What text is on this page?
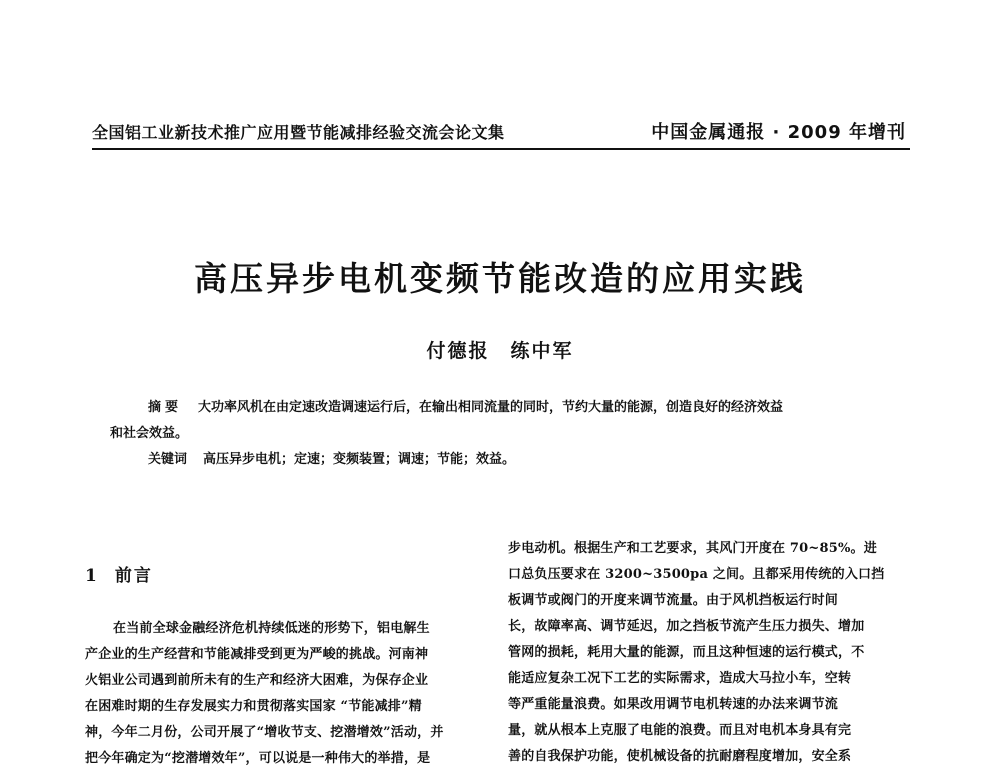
全国铝工业新技术推广应用暨节能减排经验交流会论文集	中国金属通报 · 2009 年增刊
高压异步电机变频节能改造的应用实践
付德报　练中军
摘要 大功率风机在由定速改造调速运行后，在输出相同流量的同时，节约大量的能源，创造良好的经济效益
和社会效益。
关键词 高压异步电机；定速；变频装置；调速；节能；效益。
1 前言
在当前全球金融经济危机持续低迷的形势下，铝电解生
产企业的生产经营和节能减排受到更为严峻的挑战。河南神
火铝业公司遇到前所未有的生产和经济大困难，为保存企业
在困难时期的生存发展实力和贯彻落实国家 “节能减排”精
神，今年二月份，公司开展了“增收节支、挖潜增效”活动，并
把今年确定为“挖潜增效年”，可以说是一种伟大的举措，是
步电动机。根据生产和工艺要求，其风门开度在 70~85%。进
口总负压要求在 3200~3500pa 之间。且都采用传统的入口挡
板调节或阀门的开度来调节流量。由于风机挡板运行时间
长，故障率高、调节延迟，加之挡板节流产生压力损失、增加
管网的损耗，耗用大量的能源，而且这种恒速的运行模式，不
能适应复杂工况下工艺的实际需求，造成大马拉小车，空转
等严重能量浪费。如果改用调节电机转速的办法来调节流
量，就从根本上克服了电能的浪费。而且对电机本身具有完
善的自我保护功能，使机械设备的抗耐磨程度增加，安全系
